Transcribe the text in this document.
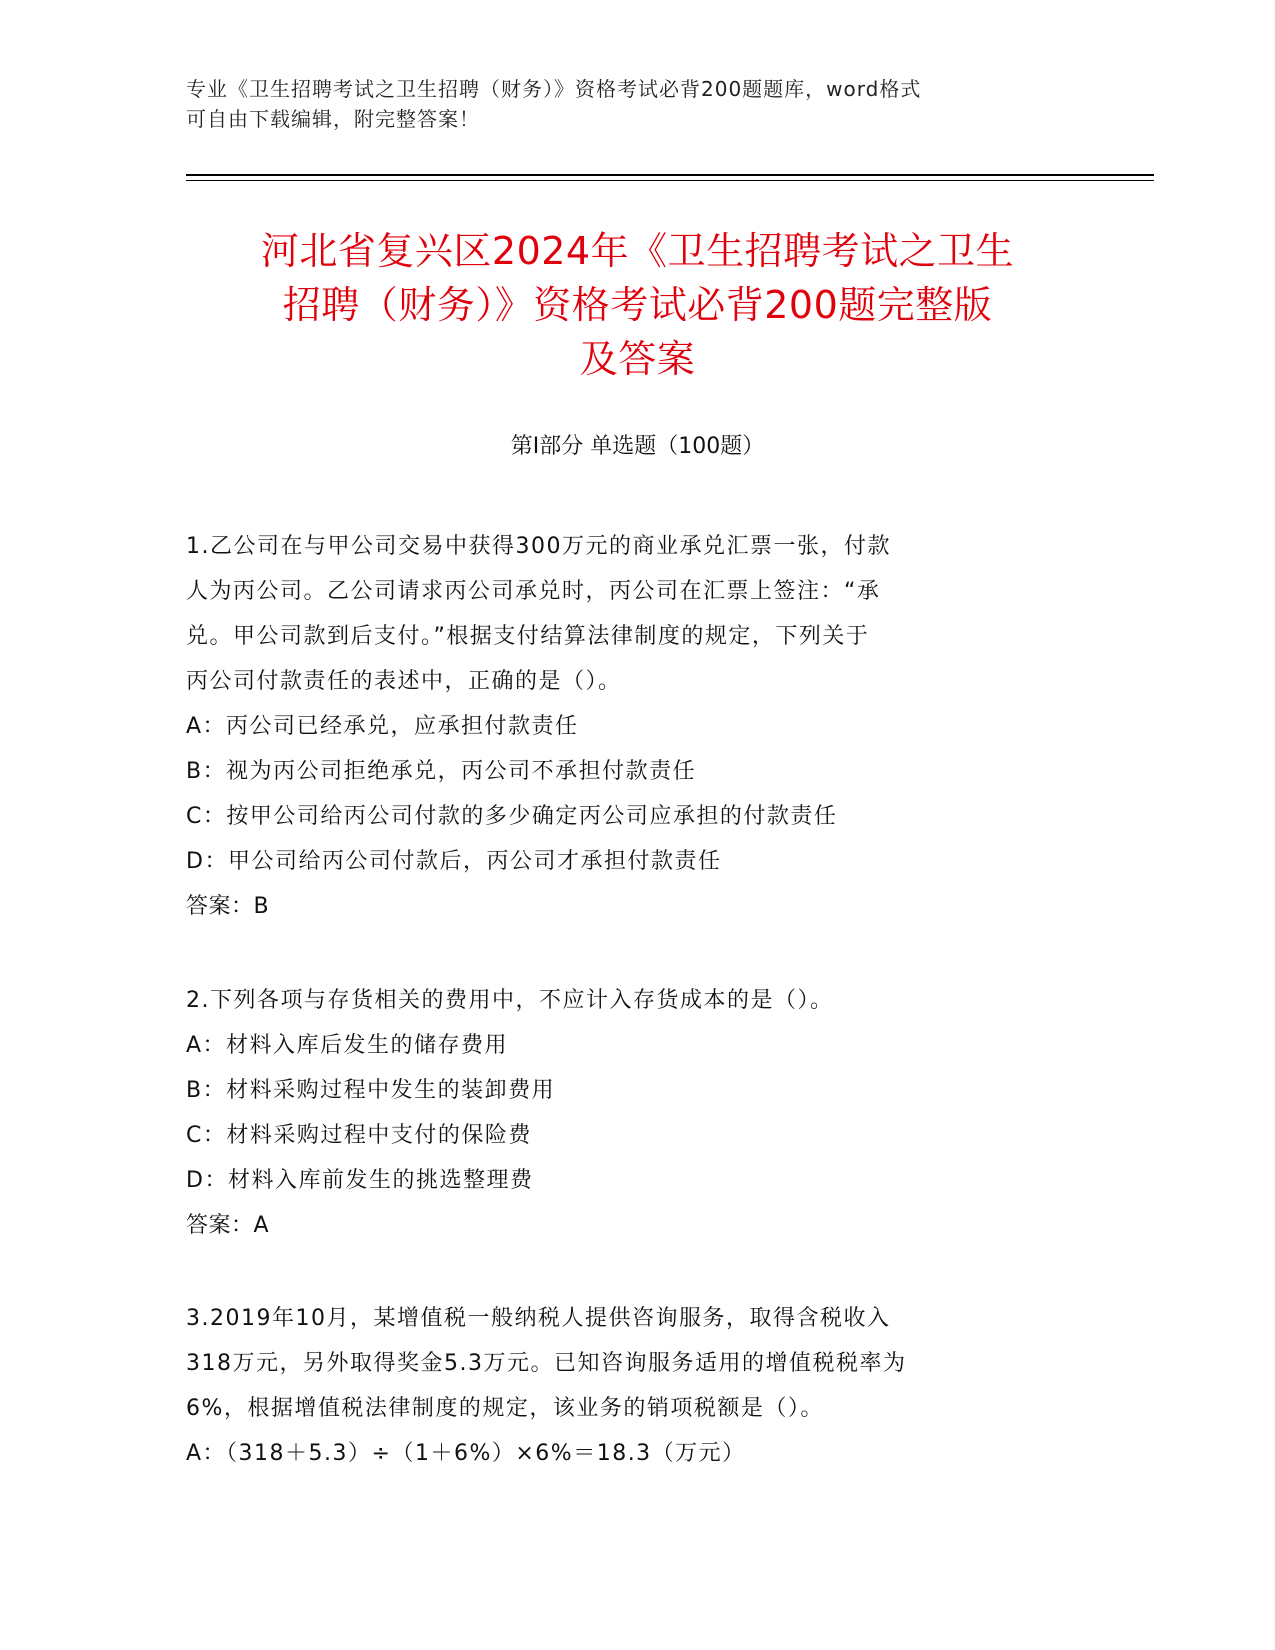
专业《卫生招聘考试之卫生招聘（财务）》资格考试必背200题题库，word格式
可自由下载编辑，附完整答案！
河北省复兴区2024年《卫生招聘考试之卫生
招聘（财务）》资格考试必背200题完整版
及答案
第Ⅰ部分 单选题（100题）
1.乙公司在与甲公司交易中获得300万元的商业承兑汇票一张，付款
人为丙公司。乙公司请求丙公司承兑时，丙公司在汇票上签注：“承
兑。甲公司款到后支付。”根据支付结算法律制度的规定，下列关于
丙公司付款责任的表述中，正确的是（）。
A：丙公司已经承兑，应承担付款责任
B：视为丙公司拒绝承兑，丙公司不承担付款责任
C：按甲公司给丙公司付款的多少确定丙公司应承担的付款责任
D：甲公司给丙公司付款后，丙公司才承担付款责任
答案：B
2.下列各项与存货相关的费用中，不应计入存货成本的是（）。
A：材料入库后发生的储存费用
B：材料采购过程中发生的装卸费用
C：材料采购过程中支付的保险费
D：材料入库前发生的挑选整理费
答案：A
3.2019年10月，某增值税一般纳税人提供咨询服务，取得含税收入
318万元，另外取得奖金5.3万元。已知咨询服务适用的增值税税率为
6%，根据增值税法律制度的规定，该业务的销项税额是（）。
A：（318＋5.3）÷（1＋6%）×6%＝18.3（万元）
